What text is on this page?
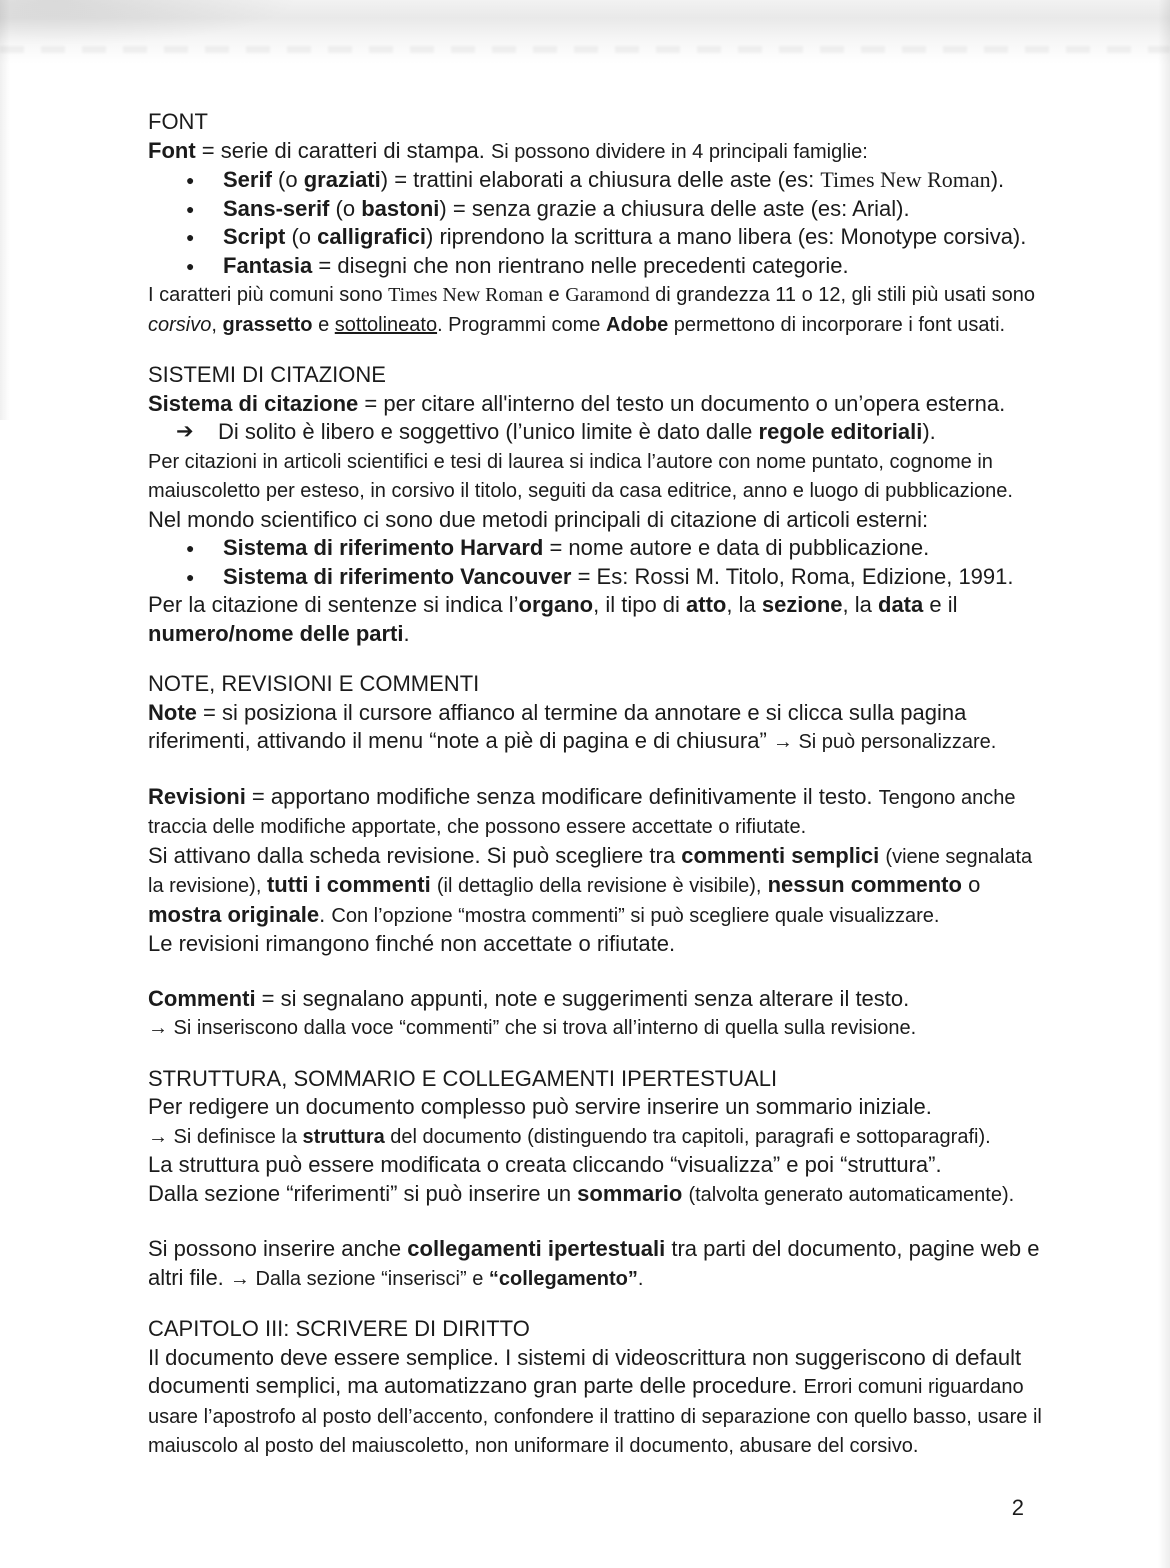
FONT
Font = serie di caratteri di stampa. Si possono dividere in 4 principali famiglie:
● Serif (o graziati) = trattini elaborati a chiusura delle aste (es: Times New Roman).
● Sans-serif (o bastoni) = senza grazie a chiusura delle aste (es: Arial).
● Script (o calligrafici) riprendono la scrittura a mano libera (es: Monotype corsiva).
● Fantasia = disegni che non rientrano nelle precedenti categorie.
I caratteri più comuni sono Times New Roman e Garamond di grandezza 11 o 12, gli stili più usati sono
corsivo, grassetto e sottolineato. Programmi come Adobe permettono di incorporare i font usati.
SISTEMI DI CITAZIONE
Sistema di citazione = per citare all'interno del testo un documento o un’opera esterna.
➔ Di solito è libero e soggettivo (l’unico limite è dato dalle regole editoriali).
Per citazioni in articoli scientifici e tesi di laurea si indica l’autore con nome puntato, cognome in
maiuscoletto per esteso, in corsivo il titolo, seguiti da casa editrice, anno e luogo di pubblicazione.
Nel mondo scientifico ci sono due metodi principali di citazione di articoli esterni:
● Sistema di riferimento Harvard = nome autore e data di pubblicazione.
● Sistema di riferimento Vancouver = Es: Rossi M. Titolo, Roma, Edizione, 1991.
Per la citazione di sentenze si indica l’organo, il tipo di atto, la sezione, la data e il
numero/nome delle parti.
NOTE, REVISIONI E COMMENTI
Note = si posiziona il cursore affianco al termine da annotare e si clicca sulla pagina
riferimenti, attivando il menu “note a piè di pagina e di chiusura” → Si può personalizzare.
Revisioni = apportano modifiche senza modificare definitivamente il testo. Tengono anche
traccia delle modifiche apportate, che possono essere accettate o rifiutate.
Si attivano dalla scheda revisione. Si può scegliere tra commenti semplici (viene segnalata
la revisione), tutti i commenti (il dettaglio della revisione è visibile), nessun commento o
mostra originale. Con l’opzione “mostra commenti” si può scegliere quale visualizzare.
Le revisioni rimangono finché non accettate o rifiutate.
Commenti = si segnalano appunti, note e suggerimenti senza alterare il testo.
→ Si inseriscono dalla voce “commenti” che si trova all’interno di quella sulla revisione.
STRUTTURA, SOMMARIO E COLLEGAMENTI IPERTESTUALI
Per redigere un documento complesso può servire inserire un sommario iniziale.
→ Si definisce la struttura del documento (distinguendo tra capitoli, paragrafi e sottoparagrafi).
La struttura può essere modificata o creata cliccando “visualizza” e poi “struttura”.
Dalla sezione “riferimenti” si può inserire un sommario (talvolta generato automaticamente).
Si possono inserire anche collegamenti ipertestuali tra parti del documento, pagine web e
altri file. → Dalla sezione “inserisci” e “collegamento”.
CAPITOLO III: SCRIVERE DI DIRITTO
Il documento deve essere semplice. I sistemi di videoscrittura non suggeriscono di default
documenti semplici, ma automatizzano gran parte delle procedure. Errori comuni riguardano
usare l’apostrofo al posto dell’accento, confondere il trattino di separazione con quello basso, usare il
maiuscolo al posto del maiuscoletto, non uniformare il documento, abusare del corsivo.
2
